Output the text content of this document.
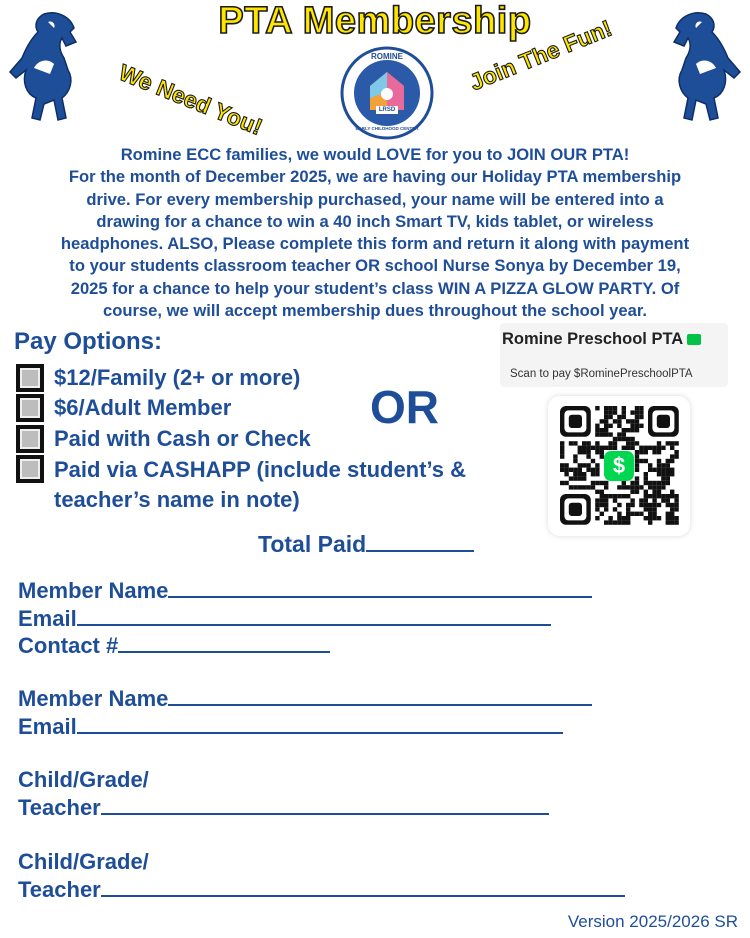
PTA Membership
We Need You!
Join The Fun!
ROMINE
LRSD
EARLY CHILDHOOD CENTER
Romine ECC families, we would LOVE for you to JOIN OUR PTA!
For the month of December 2025, we are having our Holiday PTA membership
drive. For every membership purchased, your name will be entered into a
drawing for a chance to win a 40 inch Smart TV, kids tablet, or wireless
headphones. ALSO, Please complete this form and return it along with payment
to your students classroom teacher OR school Nurse Sonya by December 19,
2025 for a chance to help your student’s class WIN A PIZZA GLOW PARTY. Of
course, we will accept membership dues throughout the school year.
Pay Options:
$12/Family (2+ or more)
$6/Adult Member
Paid with Cash or Check
Paid via CASHAPP (include student’s &
teacher’s name in note)
OR
Romine Preschool PTA
Scan to pay $RominePreschoolPTA
$
Total Paid
Member Name
Email
Contact #
Member Name
Email
Child/Grade/
Teacher
Child/Grade/
Teacher
Version 2025/2026 SR
